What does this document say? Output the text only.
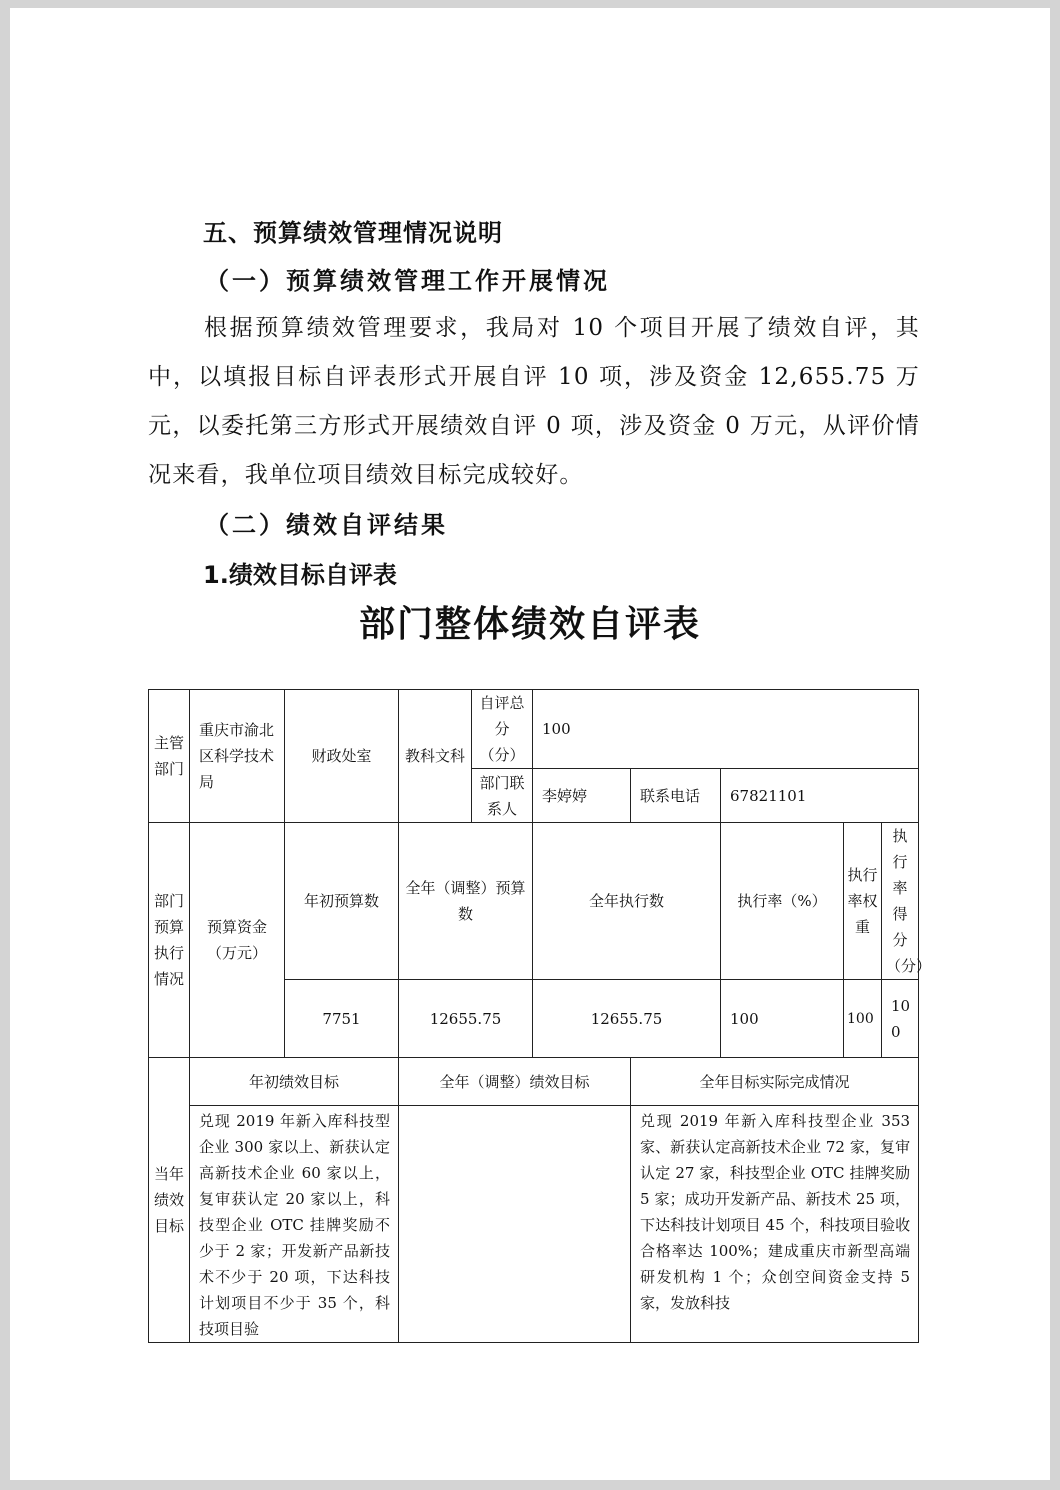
五、预算绩效管理情况说明
（一）预算绩效管理工作开展情况
根据预算绩效管理要求，我局对 10 个项目开展了绩效自评，其中，以填报目标自评表形式开展自评 10 项，涉及资金 12,655.75 万元，以委托第三方形式开展绩效自评 0 项，涉及资金 0 万元，从评价情况来看，我单位项目绩效目标完成较好。
（二）绩效自评结果
1.绩效目标自评表
部门整体绩效自评表
主管部门	重庆市渝北区科学技术局	财政处室	教科文科	自评总分（分）	100				
				部门联系人	李婷婷	联系电话	67821101		
部门预算执行情况	预算资金（万元）	年初预算数	全年（调整）预算数		全年执行数		执行率（%）	执行率权重	执行率得分（分）
		7751	12655.75		12655.75		100	100	100
当年绩效目标	年初绩效目标		全年（调整）绩效目标			全年目标实际完成情况			
	兑现 2019 年新入库科技型企业 300 家以上、新获认定高新技术企业 60 家以上，复审获认定 20 家以上，科技型企业 OTC 挂牌奖励不少于 2 家；开发新产品新技术不少于 20 项，下达科技计划项目不少于 35 个，科技项目验					兑现 2019 年新入库科技型企业 353 家、新获认定高新技术企业 72 家，复审认定 27 家，科技型企业 OTC 挂牌奖励 5 家；成功开发新产品、新技术 25 项，下达科技计划项目 45 个，科技项目验收合格率达 100%；建成重庆市新型高端研发机构 1 个；众创空间资金支持 5 家，发放科技			
